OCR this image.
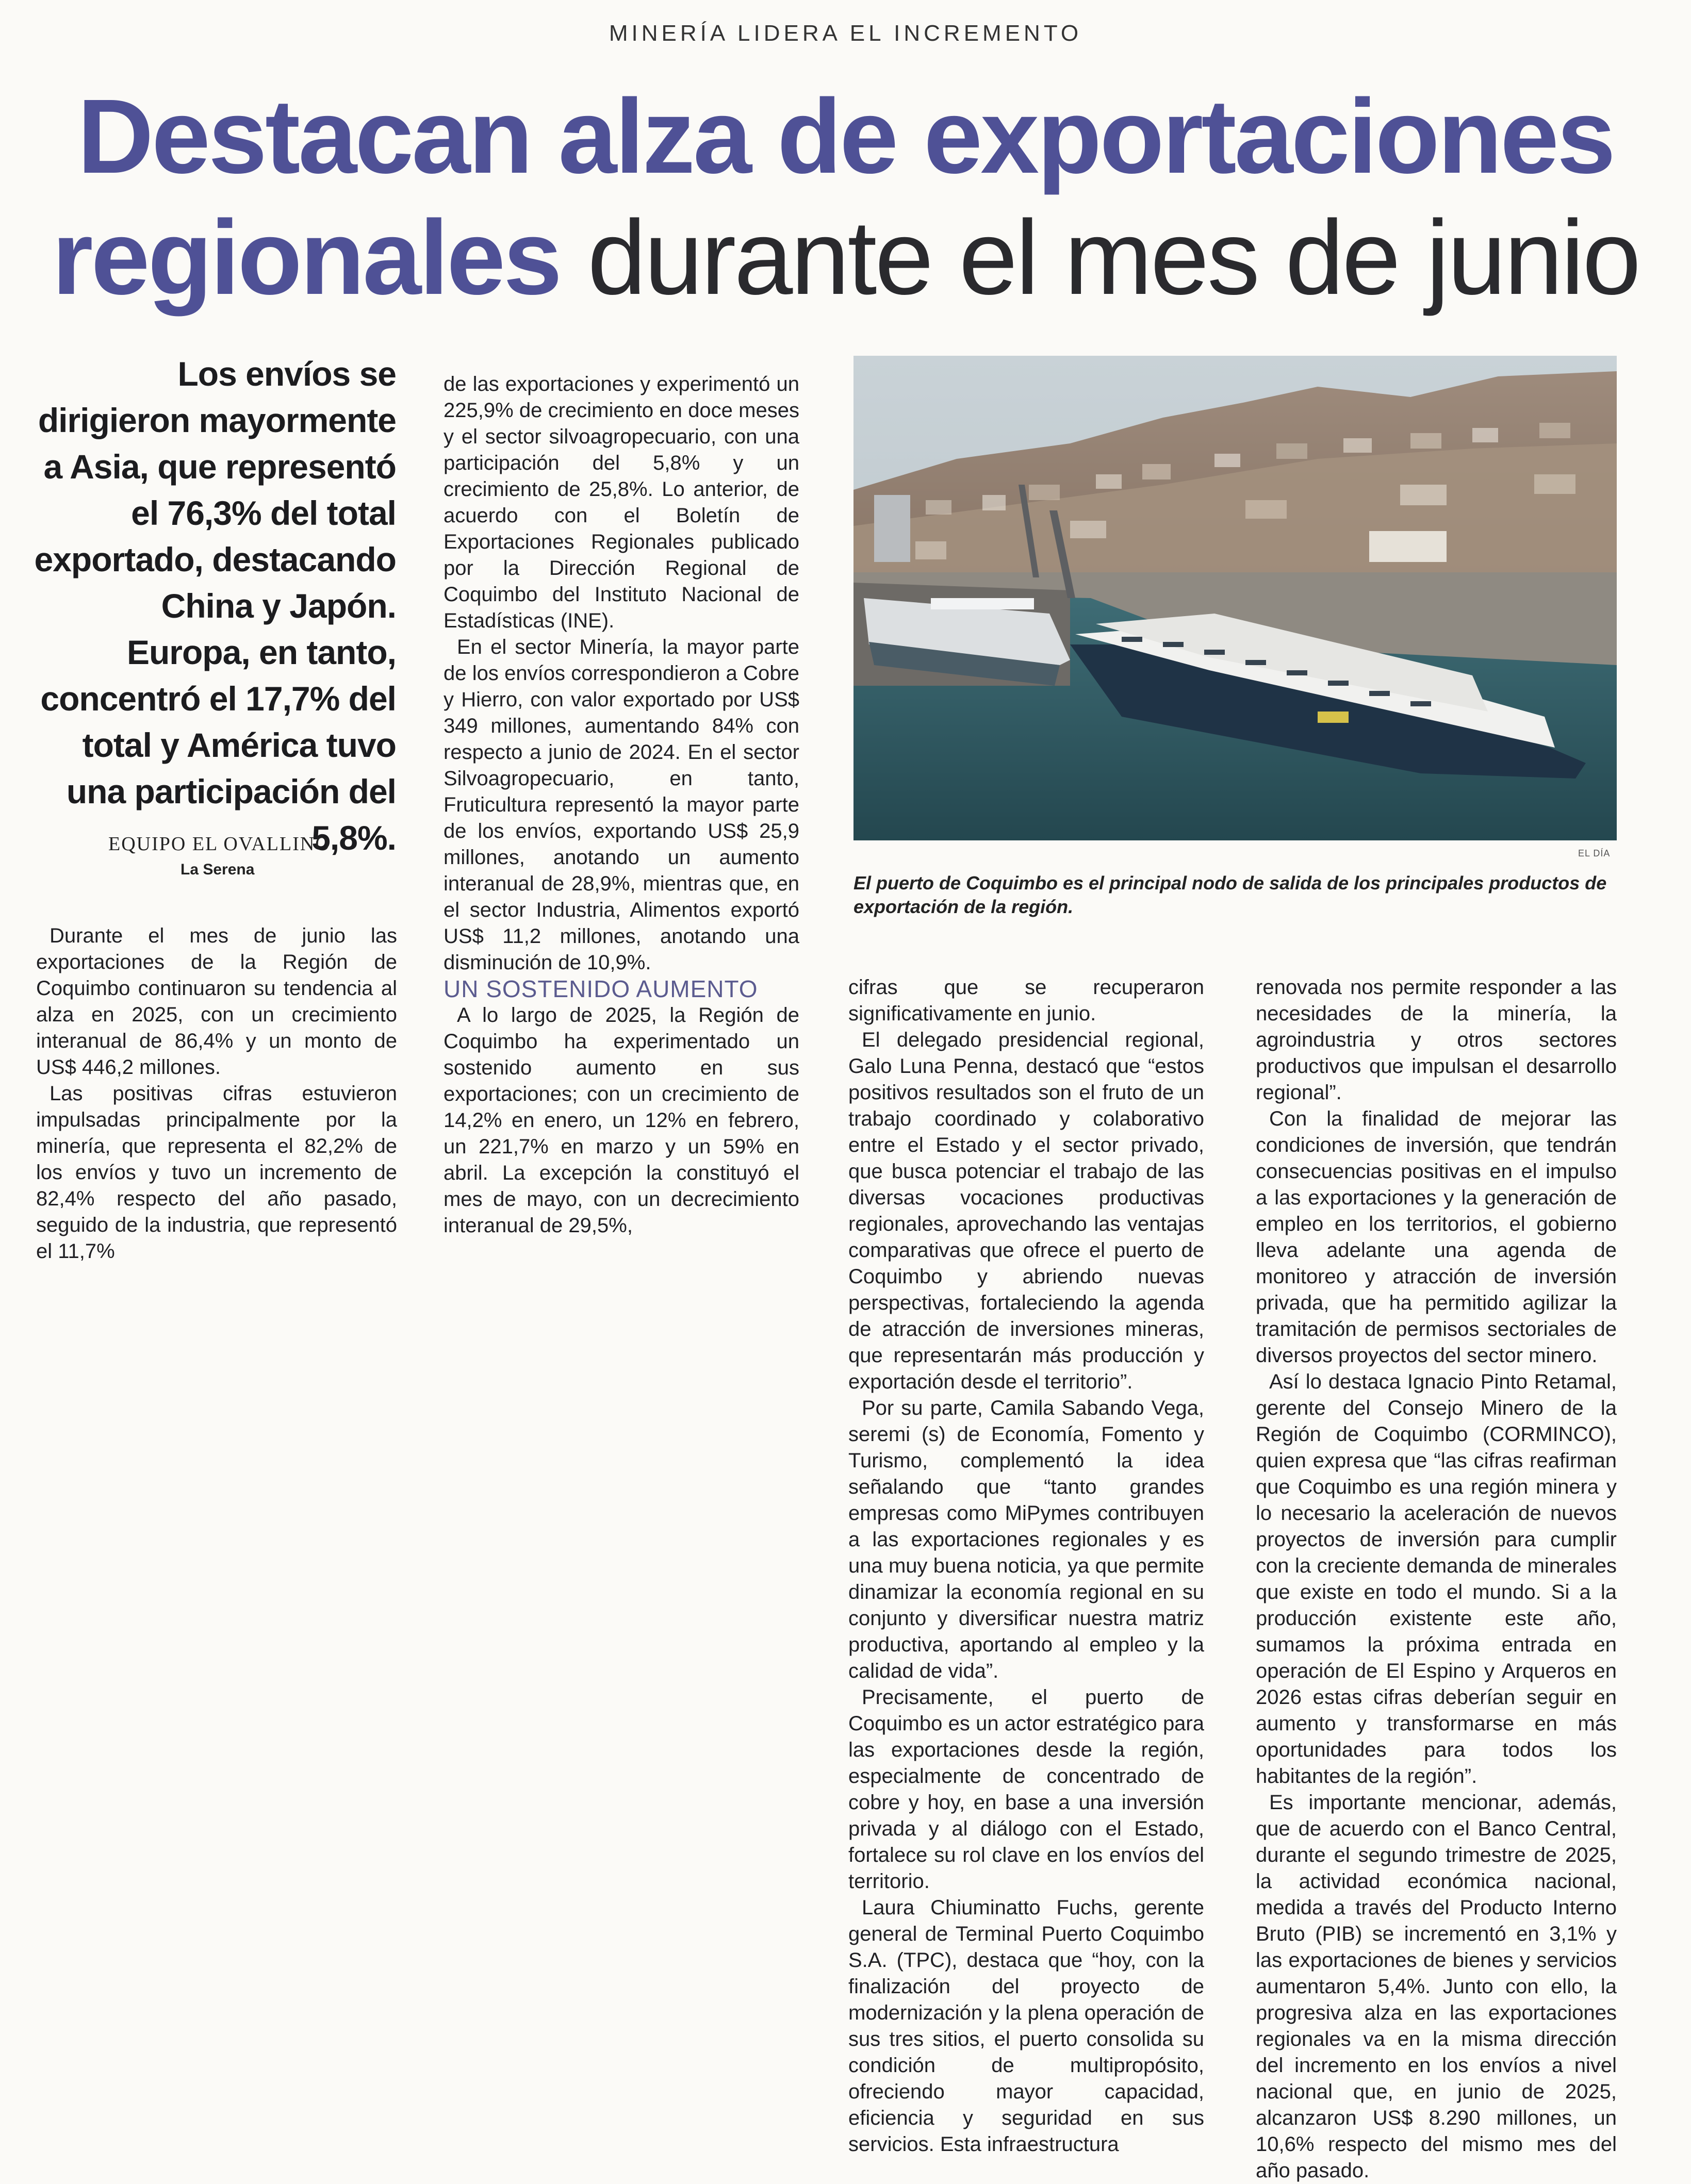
MINERÍA LIDERA EL INCREMENTO
Destacan alza de exportaciones
regionales durante el mes de junio
Los envíos se dirigieron mayormente a Asia, que representó el 76,3% del total exportado, destacando China y Japón. Europa, en tanto, concentró el 17,7% del total y América tuvo una participación del 5,8%.
EQUIPO EL OVALLINO
La Serena
EL DÍA
El puerto de Coquimbo es el principal nodo de salida de los principales productos de exportación de la región.

Durante el mes de junio las exportaciones de la Región de Coquimbo continuaron su tendencia al alza en 2025, con un crecimiento interanual de 86,4% y un monto de US$ 446,2 millones.

Las positivas cifras estuvieron impulsadas principalmente por la minería, que representa el 82,2% de los envíos y tuvo un incremento de 82,4% respecto del año pasado, seguido de la industria, que representó el 11,7%

de las exportaciones y experimentó un 225,9% de crecimiento en doce meses y el sector silvoagropecuario, con una participación del 5,8% y un crecimiento de 25,8%. Lo anterior, de acuerdo con el Boletín de Exportaciones Regionales publicado por la Dirección Regional de Coquimbo del Instituto Nacional de Estadísticas (INE).

En el sector Minería, la mayor parte de los envíos correspondieron a Cobre y Hierro, con valor exportado por US$ 349 millones, aumentando 84% con respecto a junio de 2024. En el sector Silvoagropecuario, en tanto, Fruticultura representó la mayor parte de los envíos, exportando US$ 25,9 millones, anotando un aumento interanual de 28,9%, mientras que, en el sector Industria, Alimentos exportó US$ 11,2 millones, anotando una disminución de 10,9%.

UN SOSTENIDO AUMENTO

A lo largo de 2025, la Región de Coquimbo ha experimentado un sostenido aumento en sus exportaciones; con un crecimiento de 14,2% en enero, un 12% en febrero, un 221,7% en marzo y un 59% en abril. La excepción la constituyó el mes de mayo, con un decrecimiento interanual de 29,5%,

cifras que se recuperaron significativamente en junio.

El delegado presidencial regional, Galo Luna Penna, destacó que “estos positivos resultados son el fruto de un trabajo coordinado y colaborativo entre el Estado y el sector privado, que busca potenciar el trabajo de las diversas vocaciones productivas regionales, aprovechando las ventajas comparativas que ofrece el puerto de Coquimbo y abriendo nuevas perspectivas, fortaleciendo la agenda de atracción de inversiones mineras, que representarán más producción y exportación desde el territorio”.

Por su parte, Camila Sabando Vega, seremi (s) de Economía, Fomento y Turismo, complementó la idea señalando que “tanto grandes empresas como MiPymes contribuyen a las exportaciones regionales y es una muy buena noticia, ya que permite dinamizar la economía regional en su conjunto y diversificar nuestra matriz productiva, aportando al empleo y la calidad de vida”.

Precisamente, el puerto de Coquimbo es un actor estratégico para las exportaciones desde la región, especialmente de concentrado de cobre y hoy, en base a una inversión privada y al diálogo con el Estado, fortalece su rol clave en los envíos del territorio.

Laura Chiuminatto Fuchs, gerente general de Terminal Puerto Coquimbo S.A. (TPC), destaca que “hoy, con la finalización del proyecto de modernización y la plena operación de sus tres sitios, el puerto consolida su condición de multipropósito, ofreciendo mayor capacidad, eficiencia y seguridad en sus servicios. Esta infraestructura

renovada nos permite responder a las necesidades de la minería, la agroindustria y otros sectores productivos que impulsan el desarrollo regional”.

Con la finalidad de mejorar las condiciones de inversión, que tendrán consecuencias positivas en el impulso a las exportaciones y la generación de empleo en los territorios, el gobierno lleva adelante una agenda de monitoreo y atracción de inversión privada, que ha permitido agilizar la tramitación de permisos sectoriales de diversos proyectos del sector minero.

Así lo destaca Ignacio Pinto Retamal, gerente del Consejo Minero de la Región de Coquimbo (CORMINCO), quien expresa que “las cifras reafirman que Coquimbo es una región minera y lo necesario la aceleración de nuevos proyectos de inversión para cumplir con la creciente demanda de minerales que existe en todo el mundo. Si a la producción existente este año, sumamos la próxima entrada en operación de El Espino y Arqueros en 2026 estas cifras deberían seguir en aumento y transformarse en más oportunidades para todos los habitantes de la región”.

Es importante mencionar, además, que de acuerdo con el Banco Central, durante el segundo trimestre de 2025, la actividad económica nacional, medida a través del Producto Interno Bruto (PIB) se incrementó en 3,1% y las exportaciones de bienes y servicios aumentaron 5,4%. Junto con ello, la progresiva alza en las exportaciones regionales va en la misma dirección del incremento en los envíos a nivel nacional que, en junio de 2025, alcanzaron US$ 8.290 millones, un 10,6% respecto del mismo mes del año pasado.
